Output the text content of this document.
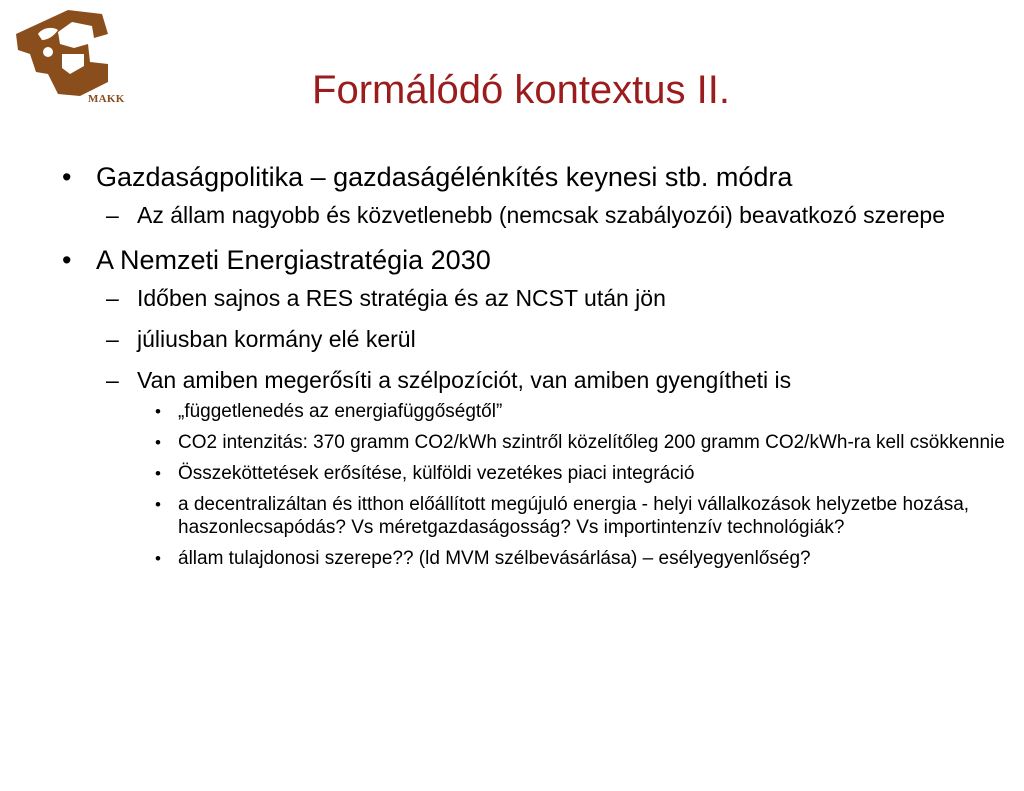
MAKK	Formálódó kontextus II.
• Gazdaságpolitika – gazdaságélénkítés keynesi stb. módra
– Az állam nagyobb és közvetlenebb (nemcsak szabályozói) beavatkozó szerepe
• A Nemzeti Energiastratégia 2030
– Időben sajnos a RES stratégia és az NCST után jön
– júliusban kormány elé kerül
– Van amiben megerősíti a szélpozíciót, van amiben gyengítheti is
• „függetlenedés az energiafüggőségtől”
• CO2 intenzitás: 370 gramm CO2/kWh szintről közelítőleg 200 gramm CO2/kWh-ra kell csökkennie
• Összeköttetések erősítése, külföldi vezetékes piaci integráció
• a decentralizáltan és itthon előállított megújuló energia - helyi vállalkozások helyzetbe hozása, haszonlecsapódás? Vs méretgazdaságosság? Vs importintenzív technológiák?
• állam tulajdonosi szerepe?? (ld MVM szélbevásárlása) – esélyegyenlőség?
